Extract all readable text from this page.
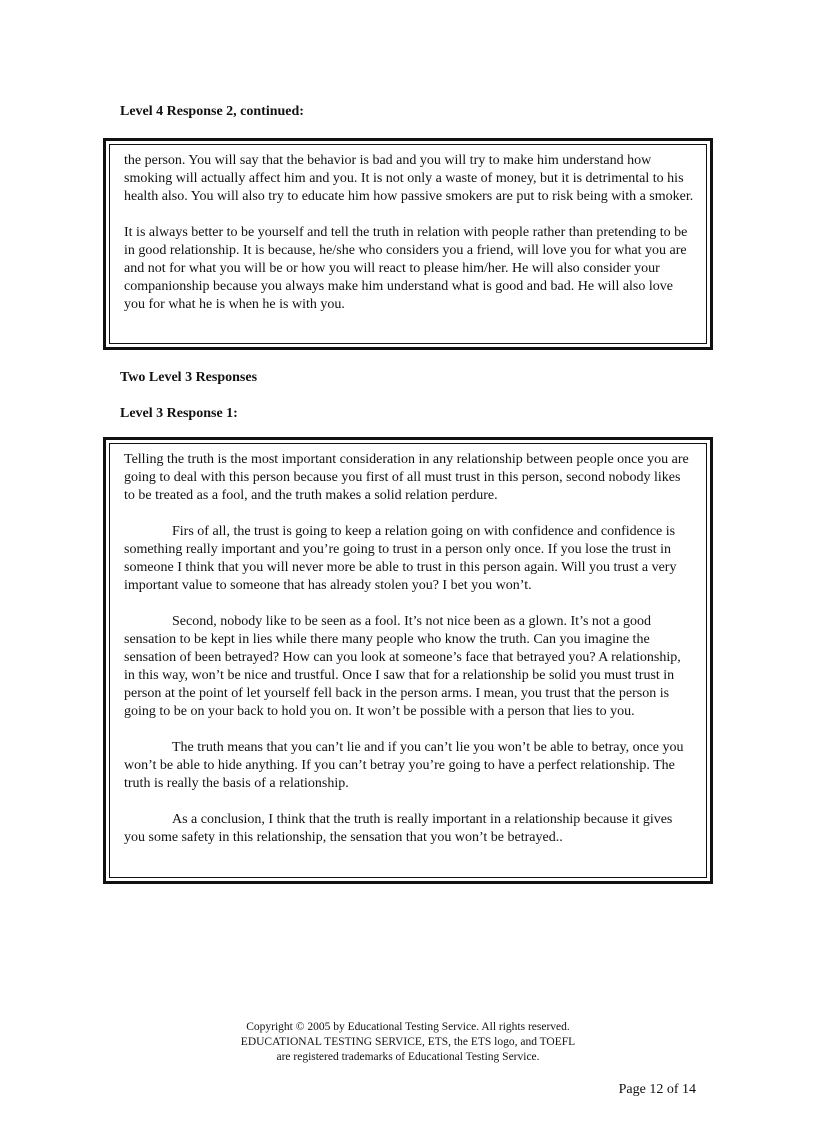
Level 4 Response 2, continued:

the person. You will say that the behavior is bad and you will try to make him understand how smoking will actually affect him and you. It is not only a waste of money, but it is detrimental to his health also. You will also try to educate him how passive smokers are put to risk being with a smoker.

It is always better to be yourself and tell the truth in relation with people rather than pretending to be in good relationship. It is because, he/she who considers you a friend, will love you for what you are and not for what you will be or how you will react to please him/her. He will also consider your companionship because you always make him understand what is good and bad. He will also love you for what he is when he is with you.

Two Level 3 Responses
Level 3 Response 1:

Telling the truth is the most important consideration in any relationship between people once you are going to deal with this person because you first of all must trust in this person, second nobody likes to be treated as a fool, and the truth makes a solid relation perdure.

Firs of all, the trust is going to keep a relation going on with confidence and confidence is something really important and you’re going to trust in a person only once. If you lose the trust in someone I think that you will never more be able to trust in this person again. Will you trust a very important value to someone that has already stolen you? I bet you won’t.

Second, nobody like to be seen as a fool. It’s not nice been as a glown. It’s not a good sensation to be kept in lies while there many people who know the truth. Can you imagine the sensation of been betrayed? How can you look at someone’s face that betrayed you? A relationship, in this way, won’t be nice and trustful. Once I saw that for a relationship be solid you must trust in person at the point of let yourself fell back in the person arms. I mean, you trust that the person is going to be on your back to hold you on. It won’t be possible with a person that lies to you.

The truth means that you can’t lie and if you can’t lie you won’t be able to betray, once you won’t be able to hide anything. If you can’t betray you’re going to have a perfect relationship. The truth is really the basis of a relationship.

As a conclusion, I think that the truth is really important in a relationship because it gives you some safety in this relationship, the sensation that you won’t be betrayed..

Copyright © 2005 by Educational Testing Service. All rights reserved.
EDUCATIONAL TESTING SERVICE, ETS, the ETS logo, and TOEFL
are registered trademarks of Educational Testing Service.
Page 12 of 14
